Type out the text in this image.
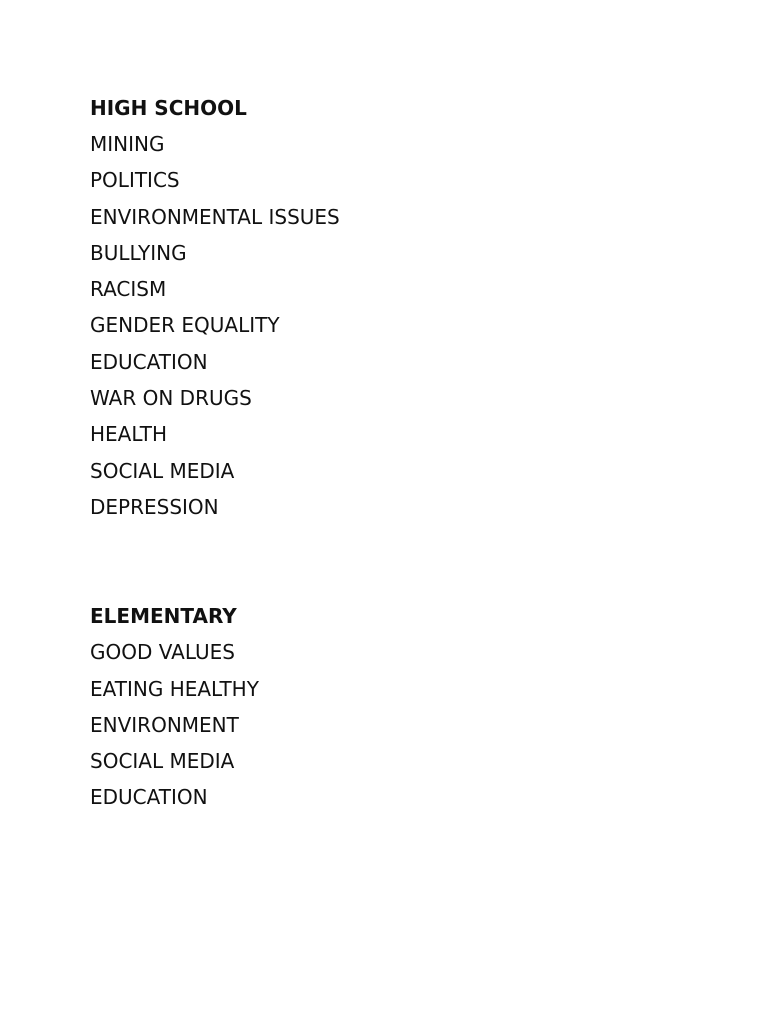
HIGH SCHOOL
MINING
POLITICS
ENVIRONMENTAL ISSUES
BULLYING
RACISM
GENDER EQUALITY
EDUCATION
WAR ON DRUGS
HEALTH
SOCIAL MEDIA
DEPRESSION
ELEMENTARY
GOOD VALUES
EATING HEALTHY
ENVIRONMENT
SOCIAL MEDIA
EDUCATION
